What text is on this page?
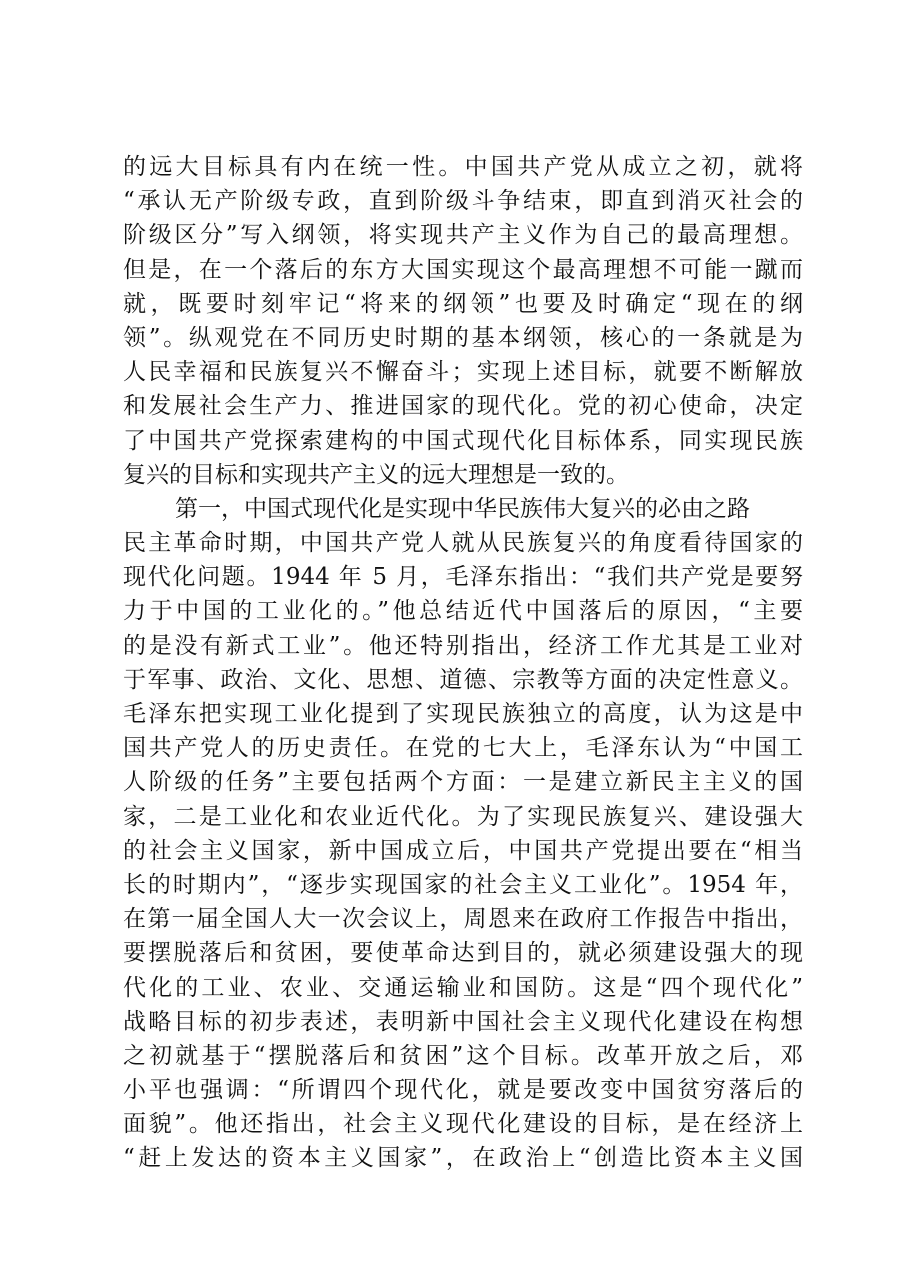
的远大目标具有内在统一性。中国共产党从成立之初，就将
“承认无产阶级专政，直到阶级斗争结束，即直到消灭社会的
阶级区分”写入纲领，将实现共产主义作为自己的最高理想。
但是，在一个落后的东方大国实现这个最高理想不可能一蹴而
就，既要时刻牢记“将来的纲领”也要及时确定“现在的纲
领”。纵观党在不同历史时期的基本纲领，核心的一条就是为
人民幸福和民族复兴不懈奋斗；实现上述目标，就要不断解放
和发展社会生产力、推进国家的现代化。党的初心使命，决定
了中国共产党探索建构的中国式现代化目标体系，同实现民族
复兴的目标和实现共产主义的远大理想是一致的。
第一，中国式现代化是实现中华民族伟大复兴的必由之路
民主革命时期，中国共产党人就从民族复兴的角度看待国家的
现代化问题。1944 年 5 月，毛泽东指出：“我们共产党是要努
力于中国的工业化的。”他总结近代中国落后的原因，“主要
的是没有新式工业”。他还特别指出，经济工作尤其是工业对
于军事、政治、文化、思想、道德、宗教等方面的决定性意义。
毛泽东把实现工业化提到了实现民族独立的高度，认为这是中
国共产党人的历史责任。在党的七大上，毛泽东认为“中国工
人阶级的任务”主要包括两个方面：一是建立新民主主义的国
家，二是工业化和农业近代化。为了实现民族复兴、建设强大
的社会主义国家，新中国成立后，中国共产党提出要在“相当
长的时期内”，“逐步实现国家的社会主义工业化”。1954 年，
在第一届全国人大一次会议上，周恩来在政府工作报告中指出，
要摆脱落后和贫困，要使革命达到目的，就必须建设强大的现
代化的工业、农业、交通运输业和国防。这是“四个现代化”
战略目标的初步表述，表明新中国社会主义现代化建设在构想
之初就基于“摆脱落后和贫困”这个目标。改革开放之后，邓
小平也强调：“所谓四个现代化，就是要改变中国贫穷落后的
面貌”。他还指出，社会主义现代化建设的目标，是在经济上
“赶上发达的资本主义国家”，在政治上“创造比资本主义国
